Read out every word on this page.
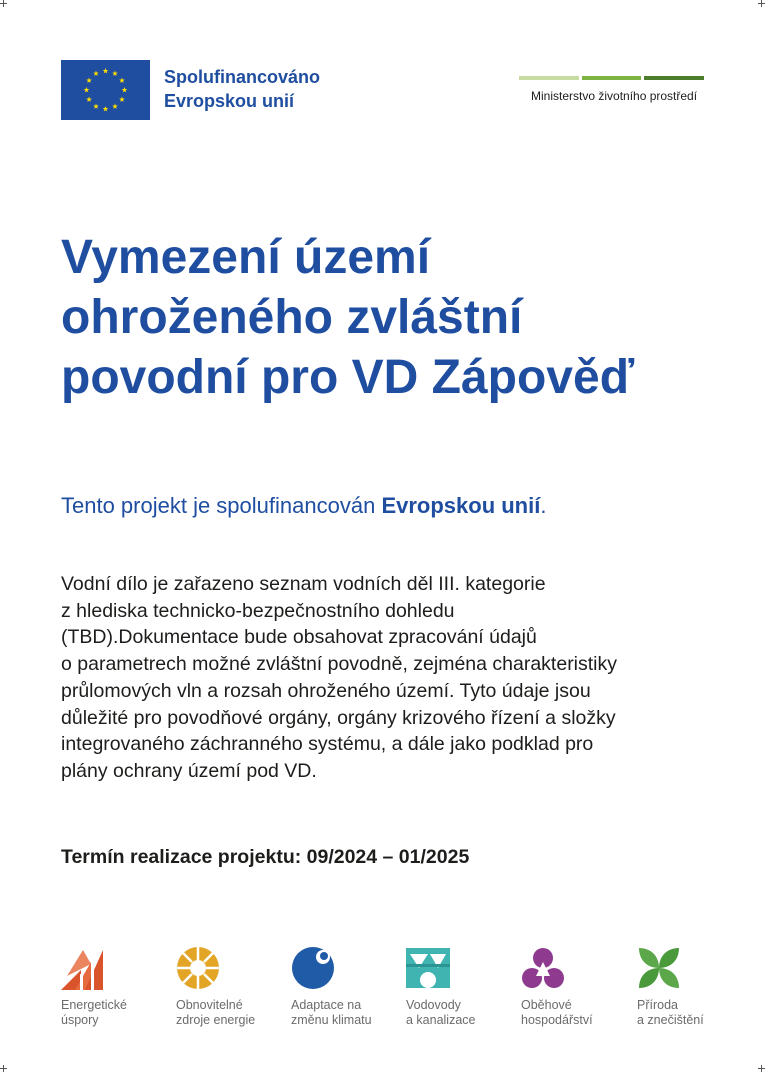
Spolufinancováno
Evropskou unií	Ministerstvo životního prostředí
Vymezení území
ohroženého zvláštní
povodní pro VD Zápověď

Tento projekt je spolufinancován Evropskou unií.

Vodní dílo je zařazeno seznam vodních děl III. kategorie
z hlediska technicko-bezpečnostního dohledu
(TBD).Dokumentace bude obsahovat zpracování údajů
o parametrech možné zvláštní povodně, zejména charakteristiky
průlomových vln a rozsah ohroženého území. Tyto údaje jsou
důležité pro povodňové orgány, orgány krizového řízení a složky
integrovaného záchranného systému, a dále jako podklad pro
plány ochrany území pod VD.

Termín realizace projektu: 09/2024 – 01/2025

Energetické
úspory
Obnovitelné
zdroje energie
Adaptace na
změnu klimatu
Vodovody
a kanalizace
Oběhové
hospodářství
Příroda
a znečištění
